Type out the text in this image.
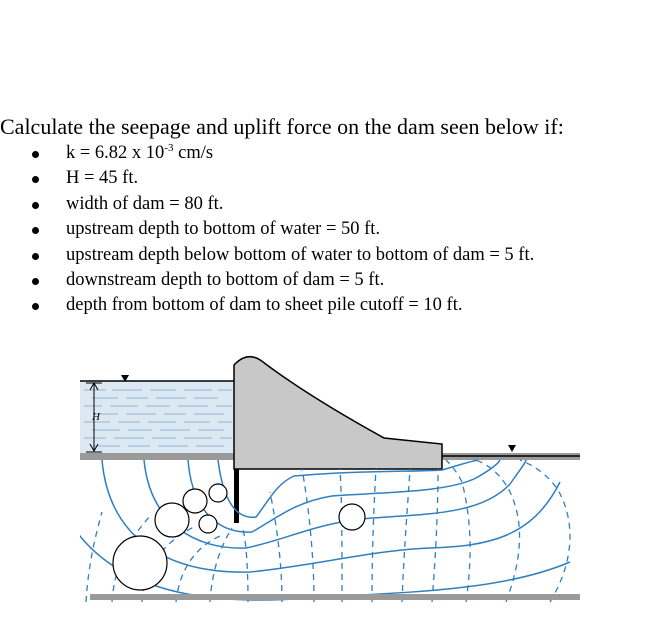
Calculate the seepage and uplift force on the dam seen below if:

k = 6.82 x $10^{-3}$ cm/s
H = 45 ft.
width of dam = 80 ft.
upstream depth to bottom of water = 50 ft.
upstream depth below bottom of water to bottom of dam = 5 ft.
downstream depth to bottom of dam = 5 ft.
depth from bottom of dam to sheet pile cutoff = 10 ft.
H
